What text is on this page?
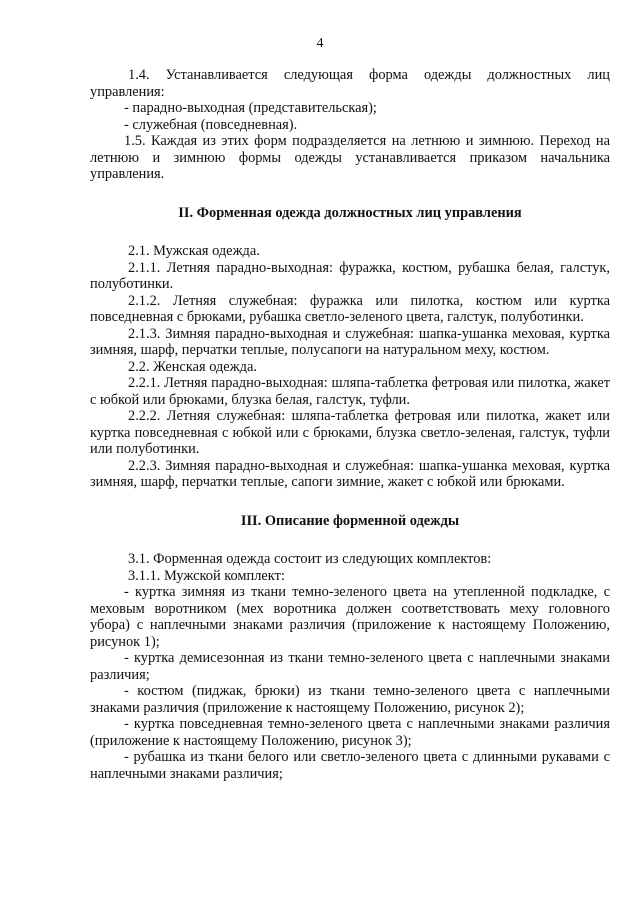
4

1.4. Устанавливается следующая форма одежды должностных лиц управления:

- парадно-выходная (представительская);

- служебная (повседневная).

1.5. Каждая из этих форм подразделяется на летнюю и зимнюю. Переход на летнюю и зимнюю формы одежды устанавливается приказом начальника управления.

II. Форменная одежда должностных лиц управления

2.1. Мужская одежда.

2.1.1. Летняя парадно-выходная: фуражка, костюм, рубашка белая, галстук, полуботинки.

2.1.2. Летняя служебная: фуражка или пилотка, костюм или куртка повседневная с брюками, рубашка светло-зеленого цвета, галстук, полуботинки.

2.1.3. Зимняя парадно-выходная и служебная: шапка-ушанка меховая, куртка зимняя, шарф, перчатки теплые, полусапоги на натуральном меху, костюм.

2.2. Женская одежда.

2.2.1. Летняя парадно-выходная: шляпа-таблетка фетровая или пилотка, жакет с юбкой или брюками, блузка белая, галстук, туфли.

2.2.2. Летняя служебная: шляпа-таблетка фетровая или пилотка, жакет или куртка повседневная с юбкой или с брюками, блузка светло-зеленая, галстук, туфли или полуботинки.

2.2.3. Зимняя парадно-выходная и служебная: шапка-ушанка меховая, куртка зимняя, шарф, перчатки теплые, сапоги зимние, жакет с юбкой или брюками.

III. Описание форменной одежды

3.1. Форменная одежда состоит из следующих комплектов:

3.1.1. Мужской комплект:

- куртка зимняя из ткани темно-зеленого цвета на утепленной подкладке, с меховым воротником (мех воротника должен соответствовать меху головного убора) с наплечными знаками различия (приложение к настоящему Положению, рисунок 1);

- куртка демисезонная из ткани темно-зеленого цвета с наплечными знаками различия;

- костюм (пиджак, брюки) из ткани темно-зеленого цвета с наплечными знаками различия (приложение к настоящему Положению, рисунок 2);

- куртка повседневная темно-зеленого цвета с наплечными знаками различия (приложение к настоящему Положению, рисунок 3);

- рубашка из ткани белого или светло-зеленого цвета с длинными рукавами с наплечными знаками различия;
